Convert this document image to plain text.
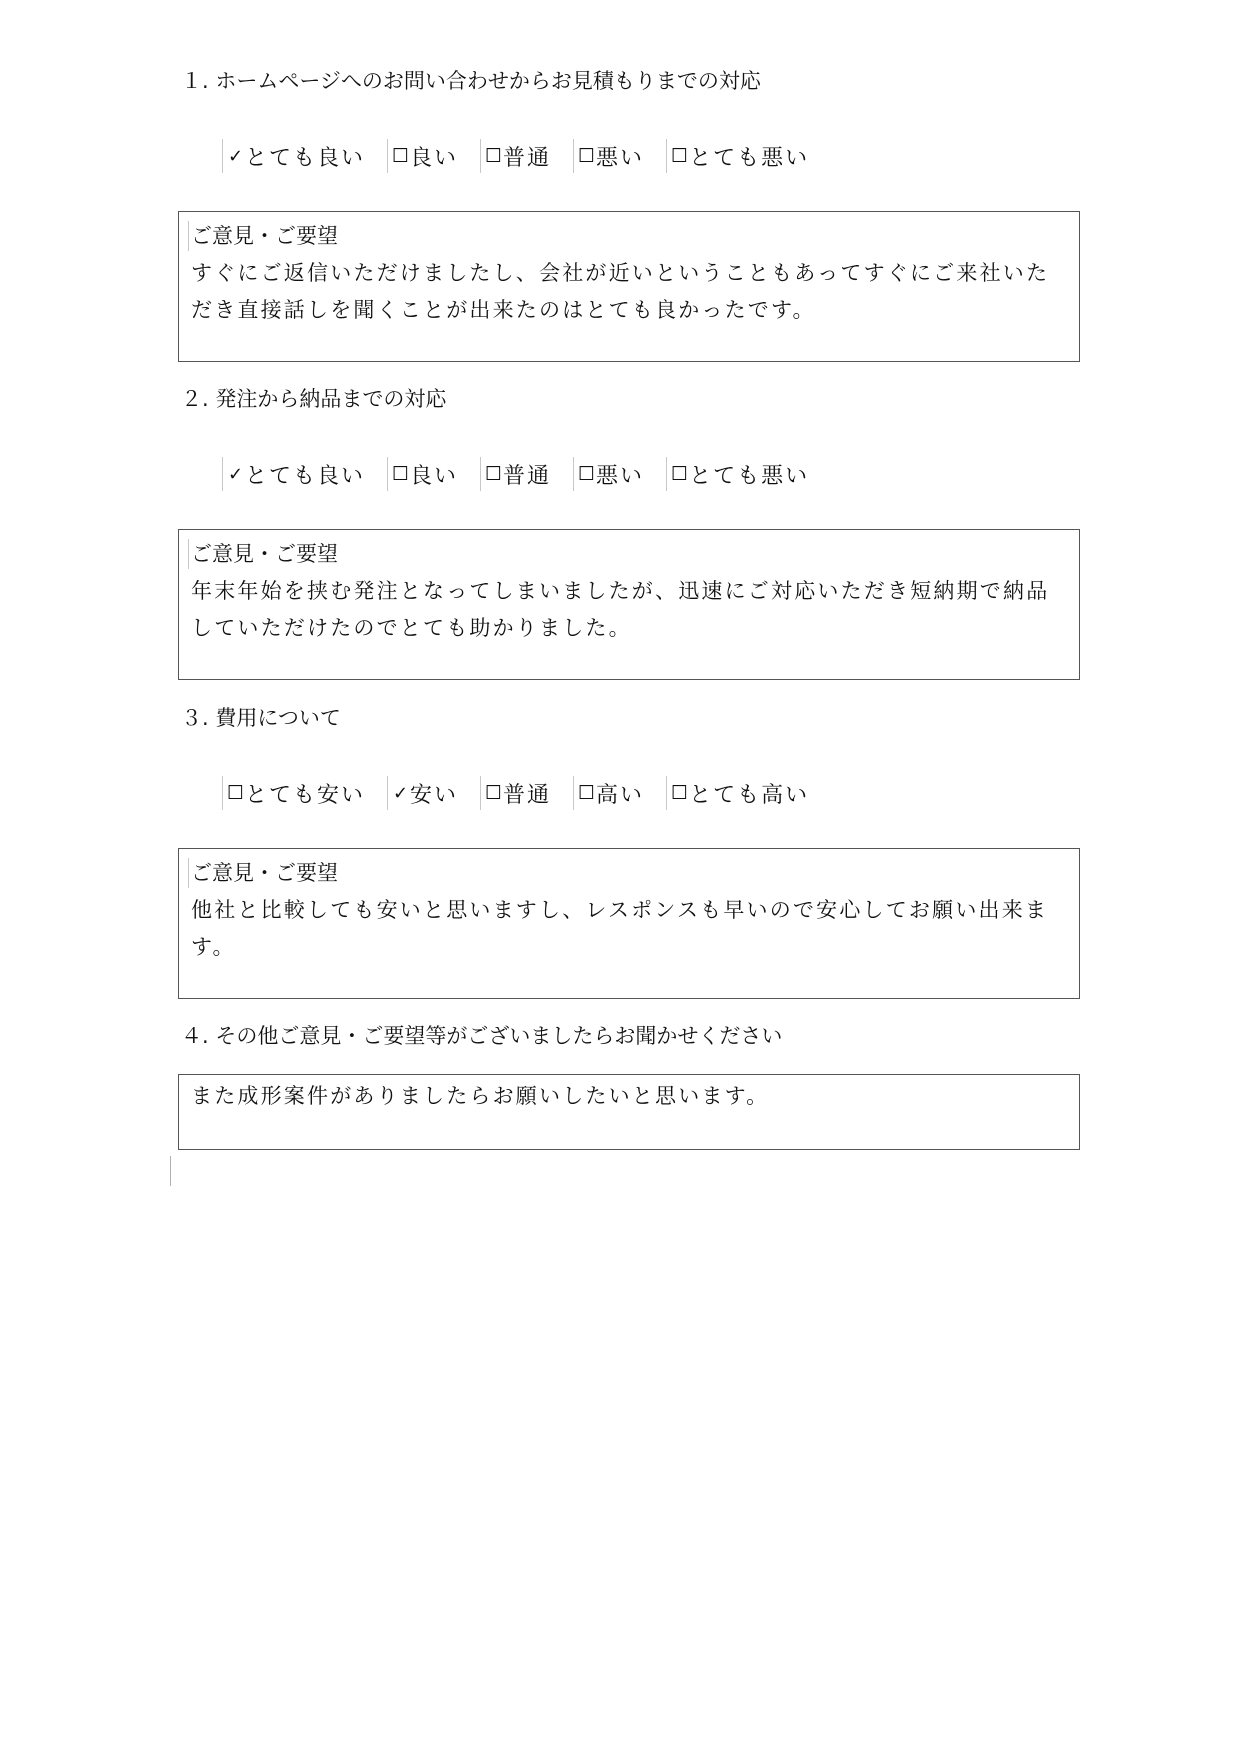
１. ホームページへのお問い合わせからお見積もりまでの対応
✓ とても良い ☐ 良い ☐ 普通 ☐ 悪い ☐ とても悪い
ご意見・ご要望
すぐにご返信いただけましたし、会社が近いということもあってすぐにご来社いただき直接話しを聞くことが出来たのはとても良かったです。
２. 発注から納品までの対応
✓ とても良い ☐ 良い ☐ 普通 ☐ 悪い ☐ とても悪い
ご意見・ご要望
年末年始を挟む発注となってしまいましたが、迅速にご対応いただき短納期で納品していただけたのでとても助かりました。
３. 費用について
☐ とても安い ✓ 安い ☐ 普通 ☐ 高い ☐ とても高い
ご意見・ご要望
他社と比較しても安いと思いますし、レスポンスも早いので安心してお願い出来ます。
４. その他ご意見・ご要望等がございましたらお聞かせください
また成形案件がありましたらお願いしたいと思います。
